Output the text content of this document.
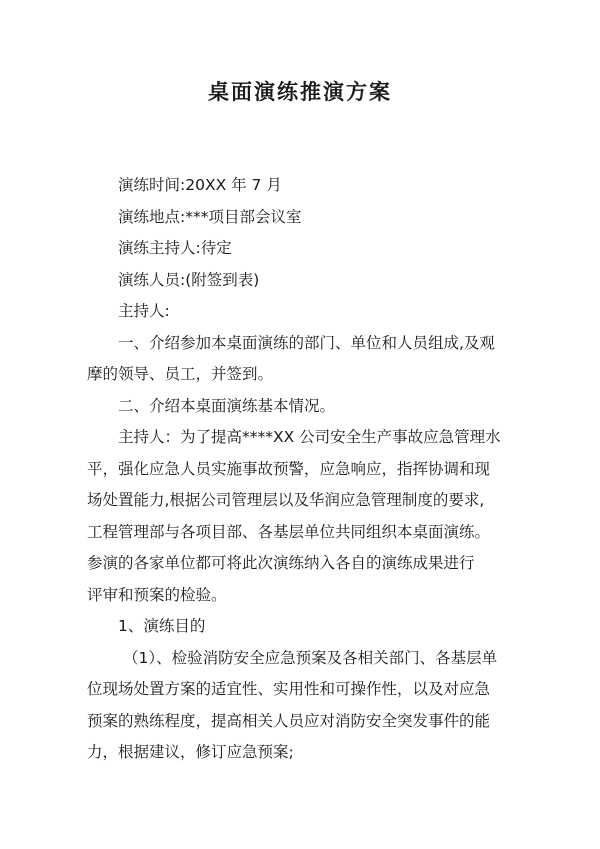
桌面演练推演方案
演练时间:20XX 年 7 月
演练地点:***项目部会议室
演练主持人:待定
演练人员:(附签到表)
主持人:
一、介绍参加本桌面演练的部门、单位和人员组成,及观
摩的领导、员工，并签到。
二、介绍本桌面演练基本情况。
主持人：为了提高****XX 公司安全生产事故应急管理水
平，强化应急人员实施事故预警，应急响应，指挥协调和现
场处置能力,根据公司管理层以及华润应急管理制度的要求,
工程管理部与各项目部、各基层单位共同组织本桌面演练。
参演的各家单位都可将此次演练纳入各自的演练成果进行
评审和预案的检验。
1、演练目的
（1）、检验消防安全应急预案及各相关部门、各基层单
位现场处置方案的适宜性、实用性和可操作性，以及对应急
预案的熟练程度，提高相关人员应对消防安全突发事件的能
力，根据建议，修订应急预案;
